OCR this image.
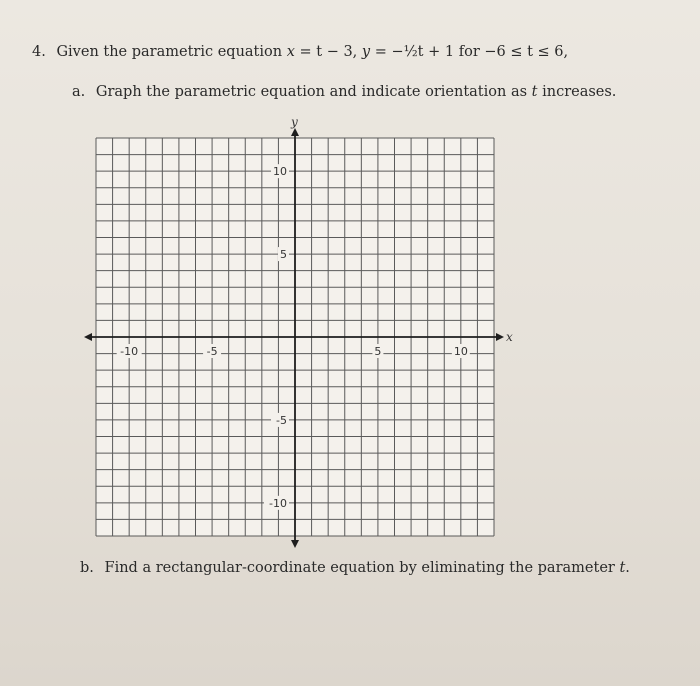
4. Given the parametric equation x = t − 3, y = −½t + 1 for −6 ≤ t ≤ 6,
a. Graph the parametric equation and indicate orientation as t increases.
x
y
-10	-5	5	10
10
5
-5
-10
b. Find a rectangular-coordinate equation by eliminating the parameter t.
